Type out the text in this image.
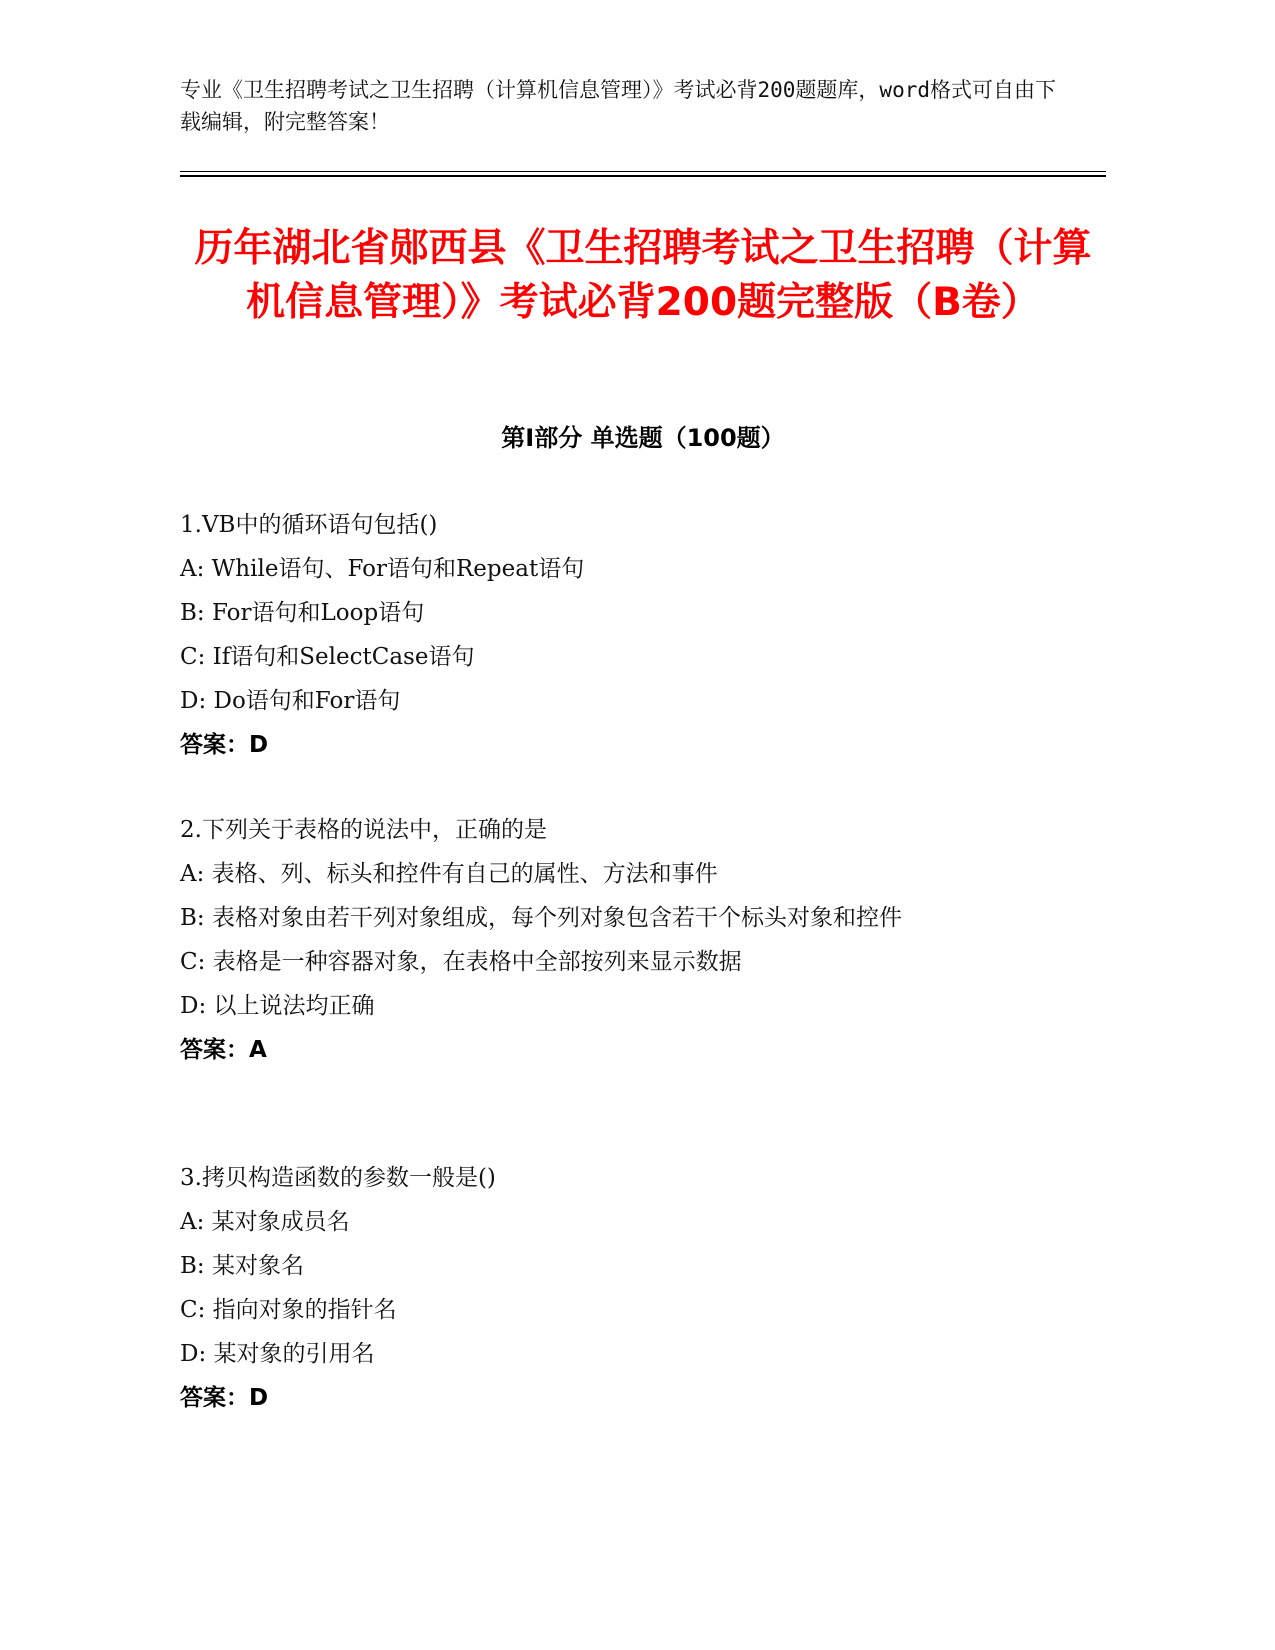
专业《卫生招聘考试之卫生招聘（计算机信息管理）》考试必背200题题库，word格式可自由下载编辑，附完整答案！
历年湖北省郧西县《卫生招聘考试之卫生招聘（计算机信息管理）》考试必背200题完整版（B卷）
第Ⅰ部分 单选题（100题）
1.VB中的循环语句包括()
A: While语句、For语句和Repeat语句
B: For语句和Loop语句
C: If语句和SelectCase语句
D: Do语句和For语句
答案：D
2.下列关于表格的说法中，正确的是
A: 表格、列、标头和控件有自己的属性、方法和事件
B: 表格对象由若干列对象组成，每个列对象包含若干个标头对象和控件
C: 表格是一种容器对象，在表格中全部按列来显示数据
D: 以上说法均正确
答案：A
3.拷贝构造函数的参数一般是()
A: 某对象成员名
B: 某对象名
C: 指向对象的指针名
D: 某对象的引用名
答案：D
